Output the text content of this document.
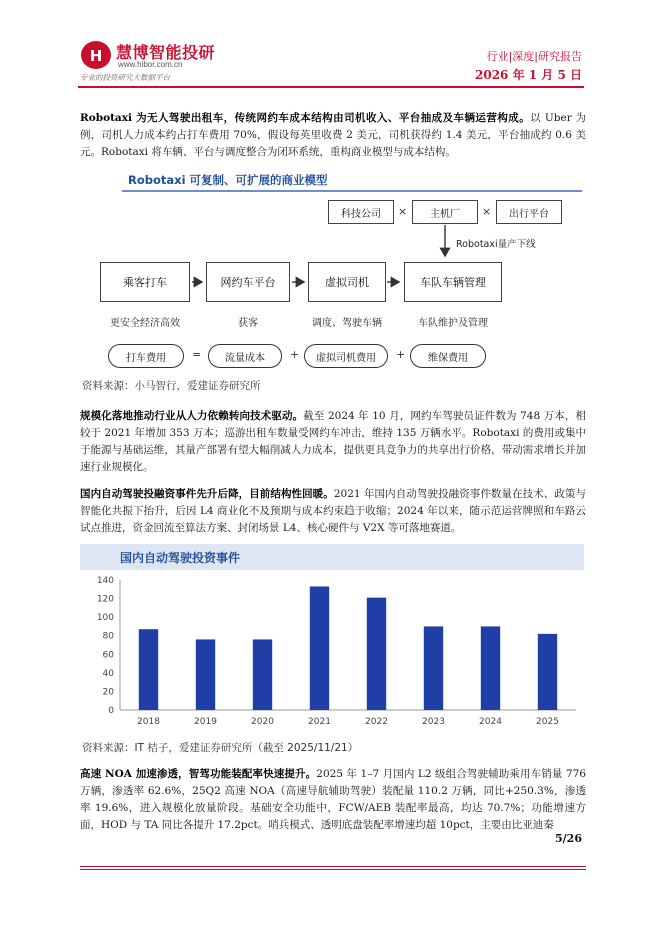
H 慧博智能投研
www.hibor.com.cn
专业的投资研究大数据平台
行业|深度|研究报告
2026 年 1 月 5 日
Robotaxi 为无人驾驶出租车，传统网约车成本结构由司机收入、平台抽成及车辆运营构成。以 Uber 为例，司机人力成本约占打车费用 70%，假设每英里收费 2 美元，司机获得约 1.4 美元，平台抽成约 0.6 美元。Robotaxi 将车辆、平台与调度整合为闭环系统，重构商业模型与成本结构。
Robotaxi 可复制、可扩展的商业模型
科技公司	×	主机厂	×	出行平台
Robotaxi量产下线
乘客打车	网约车平台	虚拟司机	车队车辆管理
更安全经济高效	获客	调度、驾驶车辆	车队维护及管理
打车费用	=	流量成本	+	虚拟司机费用	+	维保费用
资料来源：小马智行，爱建证券研究所
规模化落地推动行业从人力依赖转向技术驱动。截至 2024 年 10 月，网约车驾驶员证件数为 748 万本，相较于 2021 年增加 353 万本；巡游出租车数量受网约车冲击，维持 135 万辆水平。Robotaxi 的费用或集中于能源与基础运维，其量产部署有望大幅削减人力成本，提供更具竞争力的共享出行价格，带动需求增长并加速行业规模化。
国内自动驾驶投融资事件先升后降，目前结构性回暖。2021 年国内自动驾驶投融资事件数量在技术、政策与智能化共振下抬升，后因 L4 商业化不及预期与成本约束趋于收缩；2024 年以来，随示范运营牌照和车路云试点推进，资金回流至算法方案、封闭场景 L4、核心硬件与 V2X 等可落地赛道。
国内自动驾驶投资事件
0
20
40
60
80
100
120
140
2018	2019	2020	2021	2022	2023	2024	2025
资料来源：IT 桔子，爱建证券研究所（截至 2025/11/21）
高速 NOA 加速渗透，智驾功能装配率快速提升。2025 年 1–7 月国内 L2 级组合驾驶辅助乘用车销量 776 万辆，渗透率 62.6%，25Q2 高速 NOA（高速导航辅助驾驶）装配量 110.2 万辆，同比+250.3%，渗透率 19.6%，进入规模化放量阶段。基础安全功能中，FCW/AEB 装配率最高，均达 70.7%；功能增速方面，HOD 与 TA 同比各提升 17.2pct。哨兵模式、透明底盘装配率增速均超 10pct，主要由比亚迪秦
5/26
